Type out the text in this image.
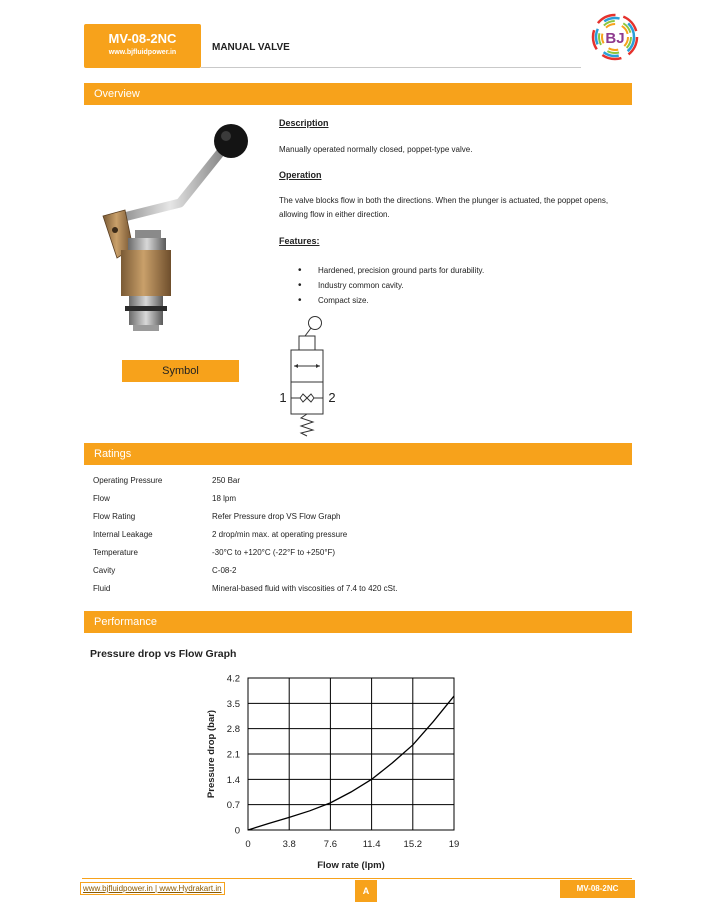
MV-08-2NC
www.bjfluidpower.in	MANUAL VALVE
BJ
Overview
Description
Manually operated normally closed, poppet-type valve.
Operation
The valve blocks flow in both the directions. When the plunger is actuated, the poppet opens, allowing flow in either direction.
Features:
• Hardened, precision ground parts for durability.
• Industry common cavity.
• Compact size.
Symbol
1	2
Ratings
Operating Pressure	250 Bar
Flow	18 lpm
Flow Rating	Refer Pressure drop VS Flow Graph
Internal Leakage	2 drop/min max. at operating pressure
Temperature	-30°C to +120°C (-22°F to +250°F)
Cavity	C-08-2
Fluid	Mineral-based fluid with viscosities of 7.4 to 420 cSt.
Performance
Pressure drop vs Flow Graph
0	3.8	7.6	11.4 15.2	19
0
0.7
1.4
2.1
2.8
3.5
4.2
Flow rate (lpm)
Pressure drop (bar)
www.bjfluidpower.in | www.Hydrakart.in	A	MV-08-2NC
